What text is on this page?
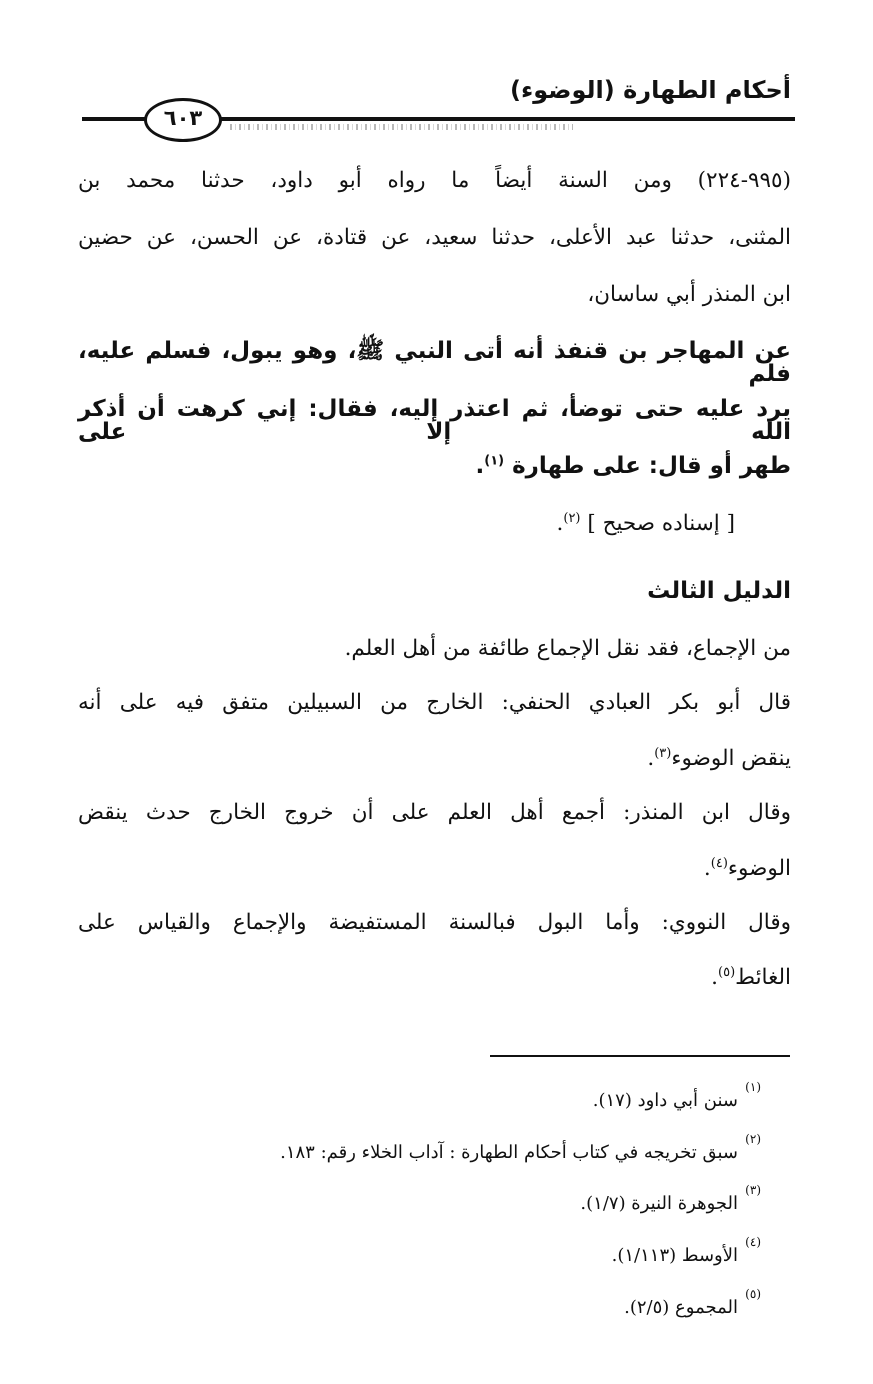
أحكام الطهارة (الوضوء)
٦٠٣
(٩٩٥-٢٢٤) ومن السنة أيضاً ما رواه أبو داود، حدثنا محمد بن
المثنى، حدثنا عبد الأعلى، حدثنا سعيد، عن قتادة، عن الحسن، عن حضين
ابن المنذر أبي ساسان،
عن المهاجر بن قنفذ أنه أتى النبي ﷺ، وهو يبول، فسلم عليه، فلم
يرد عليه حتى توضأ، ثم اعتذر إليه، فقال: إني كرهت أن أذكر الله إلا على
طهر أو قال: على طهارة $^{(١)}$.
[ إسناده صحيح ] $^{(٢)}$.
الدليل الثالث
من الإجماع، فقد نقل الإجماع طائفة من أهل العلم.
قال أبو بكر العبادي الحنفي: الخارج من السبيلين متفق فيه على أنه
ينقض الوضوء$^{(٣)}$.
وقال ابن المنذر: أجمع أهل العلم على أن خروج الخارج حدث ينقض
الوضوء$^{(٤)}$.
وقال النووي: وأما البول فبالسنة المستفيضة والإجماع والقياس على
الغائط$^{(٥)}$.
(١)
سنن أبي داود (١٧).
(٢)
سبق تخريجه في كتاب أحكام الطهارة : آداب الخلاء رقم: ١٨٣.
(٣)
الجوهرة النيرة (١/٧).
(٤)
الأوسط (١/١١٣).
(٥)
المجموع (٢/٥).
